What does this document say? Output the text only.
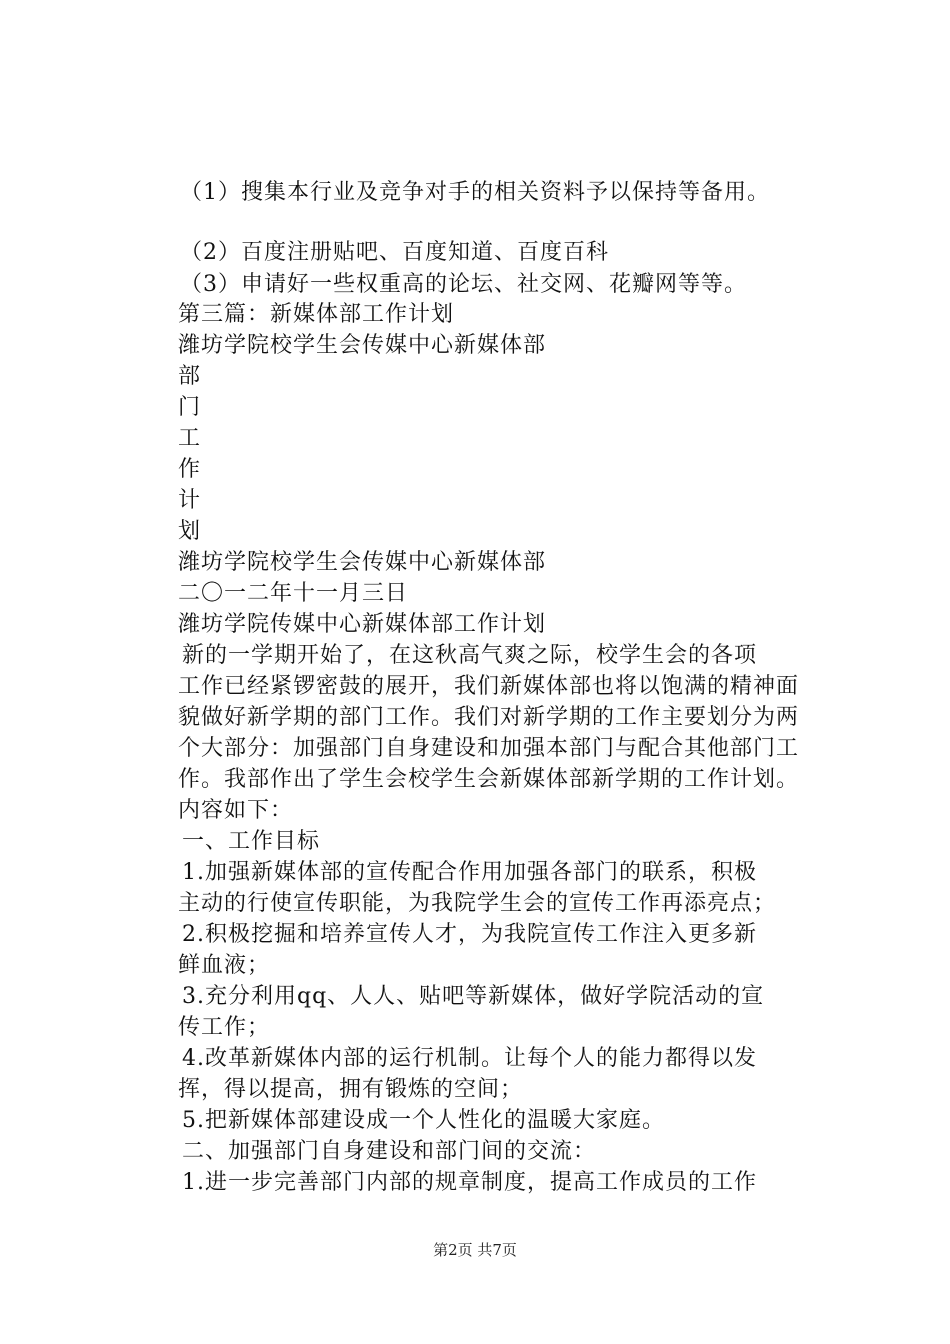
（1）搜集本行业及竞争对手的相关资料予以保持等备用。
（2）百度注册贴吧、百度知道、百度百科
（3）申请好一些权重高的论坛、社交网、花瓣网等等。
第三篇：新媒体部工作计划
潍坊学院校学生会传媒中心新媒体部
部
门
工
作
计
划
潍坊学院校学生会传媒中心新媒体部
二〇一二年十一月三日
潍坊学院传媒中心新媒体部工作计划
新的一学期开始了，在这秋高气爽之际，校学生会的各项
工作已经紧锣密鼓的展开，我们新媒体部也将以饱满的精神面
貌做好新学期的部门工作。我们对新学期的工作主要划分为两
个大部分：加强部门自身建设和加强本部门与配合其他部门工
作。我部作出了学生会校学生会新媒体部新学期的工作计划。
内容如下：
一、工作目标
1.加强新媒体部的宣传配合作用加强各部门的联系，积极
主动的行使宣传职能，为我院学生会的宣传工作再添亮点；
2.积极挖掘和培养宣传人才，为我院宣传工作注入更多新
鲜血液；
3.充分利用qq、人人、贴吧等新媒体，做好学院活动的宣
传工作；
4.改革新媒体内部的运行机制。让每个人的能力都得以发
挥，得以提高，拥有锻炼的空间；
5.把新媒体部建设成一个人性化的温暖大家庭。
二、加强部门自身建设和部门间的交流：
1.进一步完善部门内部的规章制度，提高工作成员的工作
第2页 共7页
